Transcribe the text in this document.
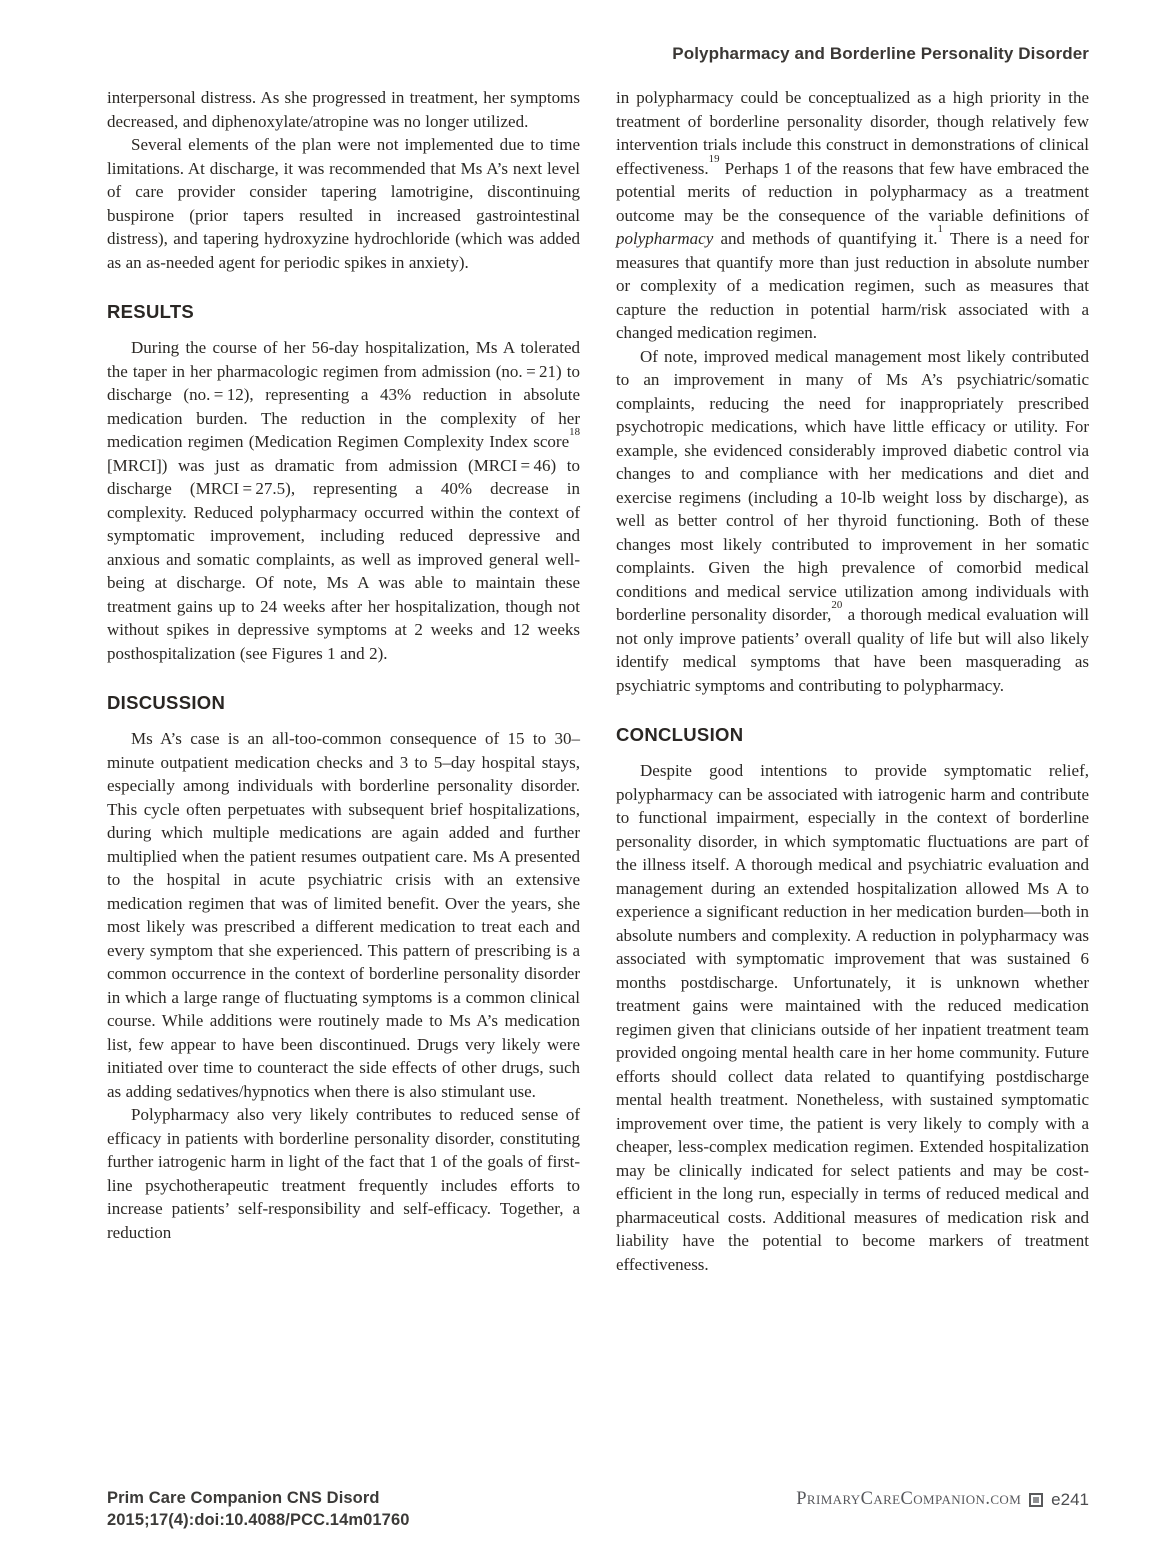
Polypharmacy and Borderline Personality Disorder

interpersonal distress. As she progressed in treatment, her symptoms decreased, and diphenoxylate/atropine was no longer utilized.

Several elements of the plan were not implemented due to time limitations. At discharge, it was recommended that Ms A’s next level of care provider consider tapering lamotrigine, discontinuing buspirone (prior tapers resulted in increased gastrointestinal distress), and tapering hydroxyzine hydrochloride (which was added as an as-needed agent for periodic spikes in anxiety).

RESULTS

During the course of her 56-day hospitalization, Ms A tolerated the taper in her pharmacologic regimen from admission (no. = 21) to discharge (no. = 12), representing a 43% reduction in absolute medication burden. The reduction in the complexity of her medication regimen (Medication Regimen Complexity Index score$^{18}$ [MRCI]) was just as dramatic from admission (MRCI = 46) to discharge (MRCI = 27.5), representing a 40% decrease in complexity. Reduced polypharmacy occurred within the context of symptomatic improvement, including reduced depressive and anxious and somatic complaints, as well as improved general well-being at discharge. Of note, Ms A was able to maintain these treatment gains up to 24 weeks after her hospitalization, though not without spikes in depressive symptoms at 2 weeks and 12 weeks posthospitalization (see Figures 1 and 2).

DISCUSSION

Ms A’s case is an all-too-common consequence of 15 to 30–minute outpatient medication checks and 3 to 5–day hospital stays, especially among individuals with borderline personality disorder. This cycle often perpetuates with subsequent brief hospitalizations, during which multiple medications are again added and further multiplied when the patient resumes outpatient care. Ms A presented to the hospital in acute psychiatric crisis with an extensive medication regimen that was of limited benefit. Over the years, she most likely was prescribed a different medication to treat each and every symptom that she experienced. This pattern of prescribing is a common occurrence in the context of borderline personality disorder in which a large range of fluctuating symptoms is a common clinical course. While additions were routinely made to Ms A’s medication list, few appear to have been discontinued. Drugs very likely were initiated over time to counteract the side effects of other drugs, such as adding sedatives/hypnotics when there is also stimulant use.

Polypharmacy also very likely contributes to reduced sense of efficacy in patients with borderline personality disorder, constituting further iatrogenic harm in light of the fact that 1 of the goals of first-line psychotherapeutic treatment frequently includes efforts to increase patients’ self-responsibility and self-efficacy. Together, a reduction

in polypharmacy could be conceptualized as a high priority in the treatment of borderline personality disorder, though relatively few intervention trials include this construct in demonstrations of clinical effectiveness.$^{19}$ Perhaps 1 of the reasons that few have embraced the potential merits of reduction in polypharmacy as a treatment outcome may be the consequence of the variable definitions of polypharmacy and methods of quantifying it.$^1$ There is a need for measures that quantify more than just reduction in absolute number or complexity of a medication regimen, such as measures that capture the reduction in potential harm/risk associated with a changed medication regimen.

Of note, improved medical management most likely contributed to an improvement in many of Ms A’s psychiatric/somatic complaints, reducing the need for inappropriately prescribed psychotropic medications, which have little efficacy or utility. For example, she evidenced considerably improved diabetic control via changes to and compliance with her medications and diet and exercise regimens (including a 10-lb weight loss by discharge), as well as better control of her thyroid functioning. Both of these changes most likely contributed to improvement in her somatic complaints. Given the high prevalence of comorbid medical conditions and medical service utilization among individuals with borderline personality disorder,$^{20}$ a thorough medical evaluation will not only improve patients’ overall quality of life but will also likely identify medical symptoms that have been masquerading as psychiatric symptoms and contributing to polypharmacy.

CONCLUSION

Despite good intentions to provide symptomatic relief, polypharmacy can be associated with iatrogenic harm and contribute to functional impairment, especially in the context of borderline personality disorder, in which symptomatic fluctuations are part of the illness itself. A thorough medical and psychiatric evaluation and management during an extended hospitalization allowed Ms A to experience a significant reduction in her medication burden—both in absolute numbers and complexity. A reduction in polypharmacy was associated with symptomatic improvement that was sustained 6 months postdischarge. Unfortunately, it is unknown whether treatment gains were maintained with the reduced medication regimen given that clinicians outside of her inpatient treatment team provided ongoing mental health care in her home community. Future efforts should collect data related to quantifying postdischarge mental health treatment. Nonetheless, with sustained symptomatic improvement over time, the patient is very likely to comply with a cheaper, less-complex medication regimen. Extended hospitalization may be clinically indicated for select patients and may be cost-efficient in the long run, especially in terms of reduced medical and pharmaceutical costs. Additional measures of medication risk and liability have the potential to become markers of treatment effectiveness.

Prim Care Companion CNS Disord
2015;17(4):doi:10.4088/PCC.14m01760
PrimaryCareCompanion.com e241
